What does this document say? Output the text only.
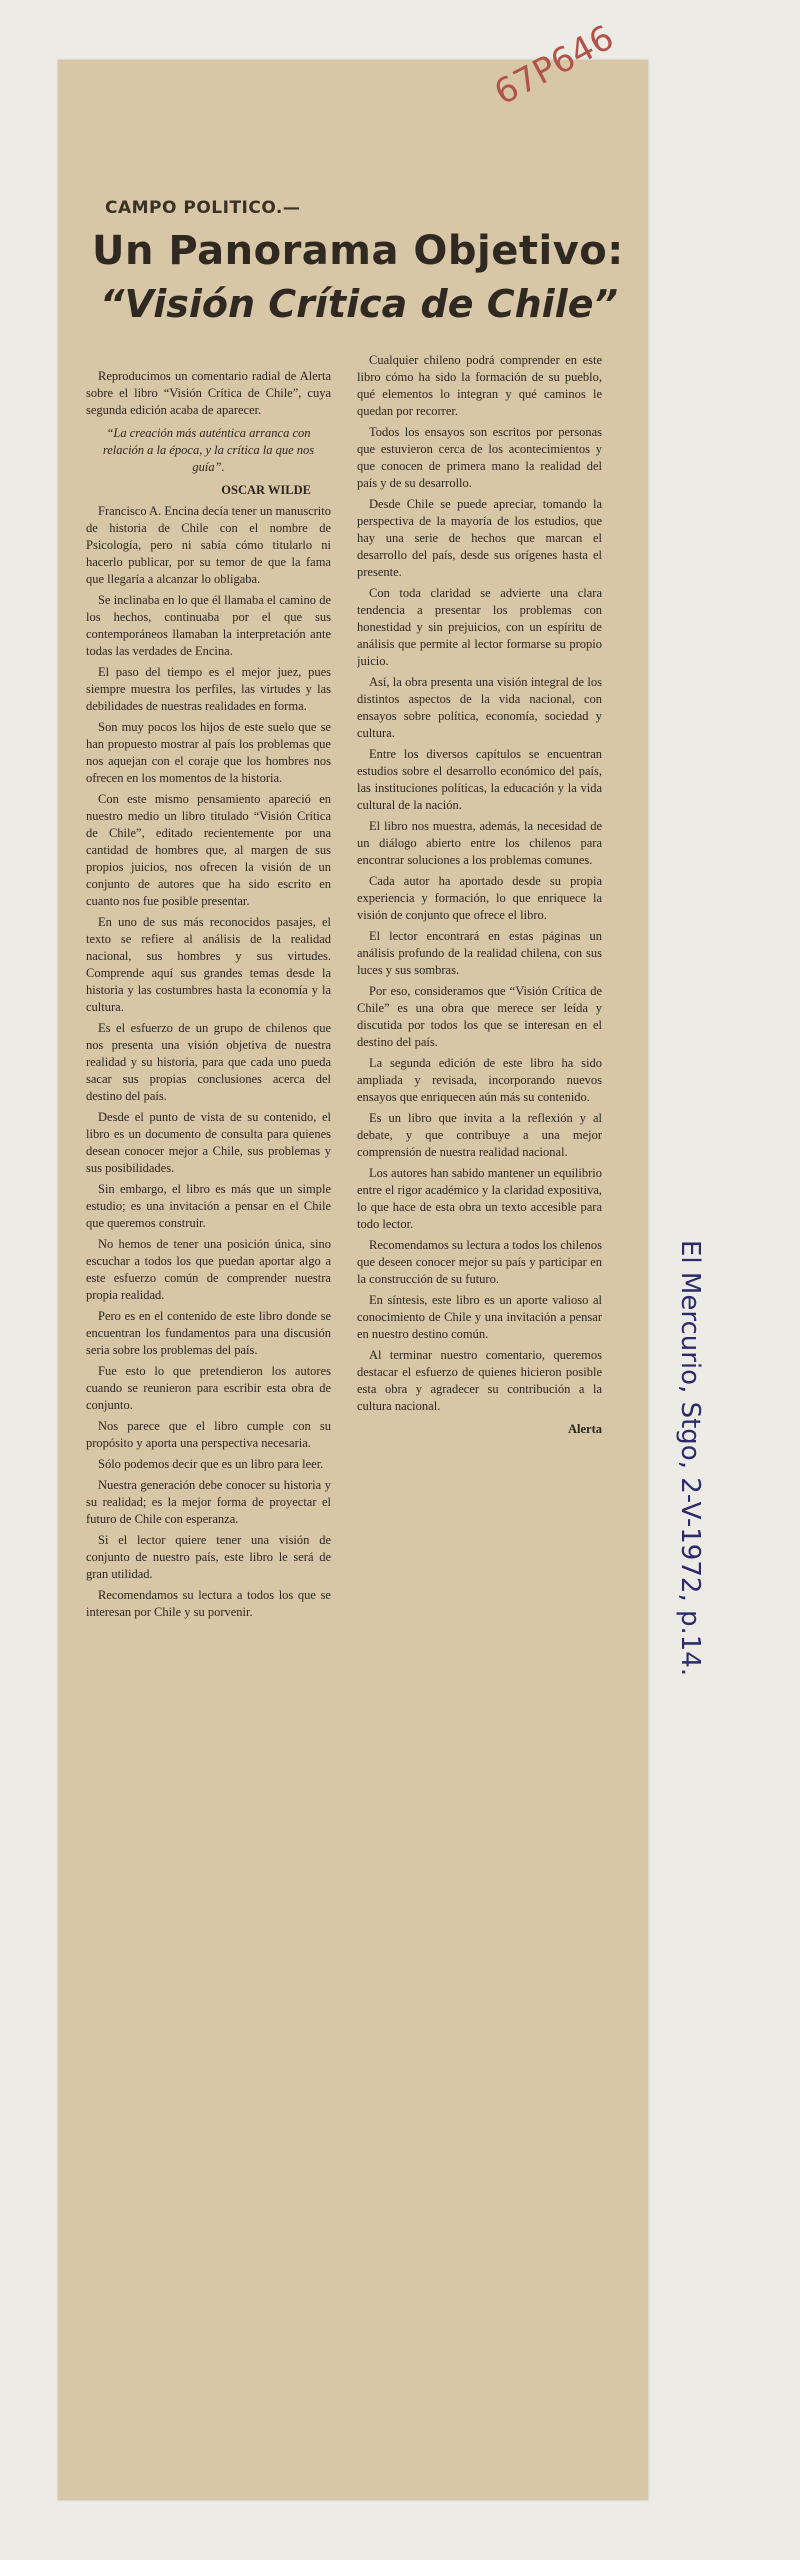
67P646
CAMPO POLITICO.—
Un Panorama Objetivo:
“Visión Crítica de Chile”
El Mercurio, Stgo, 2-V-1972, p.14.

Reproducimos un comentario radial de Alerta sobre el libro “Visión Crítica de Chile”, cuya segunda edición acaba de aparecer.

“La creación más auténtica arranca con relación a la época, y la crítica la que nos guía”.

OSCAR WILDE

Francisco A. Encina decía tener un manuscrito de historia de Chile con el nombre de Psicología, pero ni sabía cómo titularlo ni hacerlo publicar, por su temor de que la fama que llegaría a alcanzar lo obligaba.

Se inclinaba en lo que él llamaba el camino de los hechos, continuaba por el que sus contemporáneos llamaban la interpretación ante todas las verdades de Encina.

El paso del tiempo es el mejor juez, pues siempre muestra los perfiles, las virtudes y las debilidades de nuestras realidades en forma.

Son muy pocos los hijos de este suelo que se han propuesto mostrar al país los problemas que nos aquejan con el coraje que los hombres nos ofrecen en los momentos de la historia.

Con este mismo pensamiento apareció en nuestro medio un libro titulado “Visión Crítica de Chile”, editado recientemente por una cantidad de hombres que, al margen de sus propios juicios, nos ofrecen la visión de un conjunto de autores que ha sido escrito en cuanto nos fue posible presentar.

En uno de sus más reconocidos pasajes, el texto se refiere al análisis de la realidad nacional, sus hombres y sus virtudes. Comprende aquí sus grandes temas desde la historia y las costumbres hasta la economía y la cultura.

Es el esfuerzo de un grupo de chilenos que nos presenta una visión objetiva de nuestra realidad y su historia, para que cada uno pueda sacar sus propias conclusiones acerca del destino del país.

Desde el punto de vista de su contenido, el libro es un documento de consulta para quienes desean conocer mejor a Chile, sus problemas y sus posibilidades.

Sin embargo, el libro es más que un simple estudio; es una invitación a pensar en el Chile que queremos construir.

No hemos de tener una posición única, sino escuchar a todos los que puedan aportar algo a este esfuerzo común de comprender nuestra propia realidad.

Pero es en el contenido de este libro donde se encuentran los fundamentos para una discusión seria sobre los problemas del país.

Fue esto lo que pretendieron los autores cuando se reunieron para escribir esta obra de conjunto.

Nos parece que el libro cumple con su propósito y aporta una perspectiva necesaria.

Sólo podemos decir que es un libro para leer.

Nuestra generación debe conocer su historia y su realidad; es la mejor forma de proyectar el futuro de Chile con esperanza.

Si el lector quiere tener una visión de conjunto de nuestro país, este libro le será de gran utilidad.

Recomendamos su lectura a todos los que se interesan por Chile y su porvenir.

Cualquier chileno podrá comprender en este libro cómo ha sido la formación de su pueblo, qué elementos lo integran y qué caminos le quedan por recorrer.

Todos los ensayos son escritos por personas que estuvieron cerca de los acontecimientos y que conocen de primera mano la realidad del país y de su desarrollo.

Desde Chile se puede apreciar, tomando la perspectiva de la mayoría de los estudios, que hay una serie de hechos que marcan el desarrollo del país, desde sus orígenes hasta el presente.

Con toda claridad se advierte una clara tendencia a presentar los problemas con honestidad y sin prejuicios, con un espíritu de análisis que permite al lector formarse su propio juicio.

Así, la obra presenta una visión integral de los distintos aspectos de la vida nacional, con ensayos sobre política, economía, sociedad y cultura.

Entre los diversos capítulos se encuentran estudios sobre el desarrollo económico del país, las instituciones políticas, la educación y la vida cultural de la nación.

El libro nos muestra, además, la necesidad de un diálogo abierto entre los chilenos para encontrar soluciones a los problemas comunes.

Cada autor ha aportado desde su propia experiencia y formación, lo que enriquece la visión de conjunto que ofrece el libro.

El lector encontrará en estas páginas un análisis profundo de la realidad chilena, con sus luces y sus sombras.

Por eso, consideramos que “Visión Crítica de Chile” es una obra que merece ser leída y discutida por todos los que se interesan en el destino del país.

La segunda edición de este libro ha sido ampliada y revisada, incorporando nuevos ensayos que enriquecen aún más su contenido.

Es un libro que invita a la reflexión y al debate, y que contribuye a una mejor comprensión de nuestra realidad nacional.

Los autores han sabido mantener un equilibrio entre el rigor académico y la claridad expositiva, lo que hace de esta obra un texto accesible para todo lector.

Recomendamos su lectura a todos los chilenos que deseen conocer mejor su país y participar en la construcción de su futuro.

En síntesis, este libro es un aporte valioso al conocimiento de Chile y una invitación a pensar en nuestro destino común.

Al terminar nuestro comentario, queremos destacar el esfuerzo de quienes hicieron posible esta obra y agradecer su contribución a la cultura nacional.

Alerta
